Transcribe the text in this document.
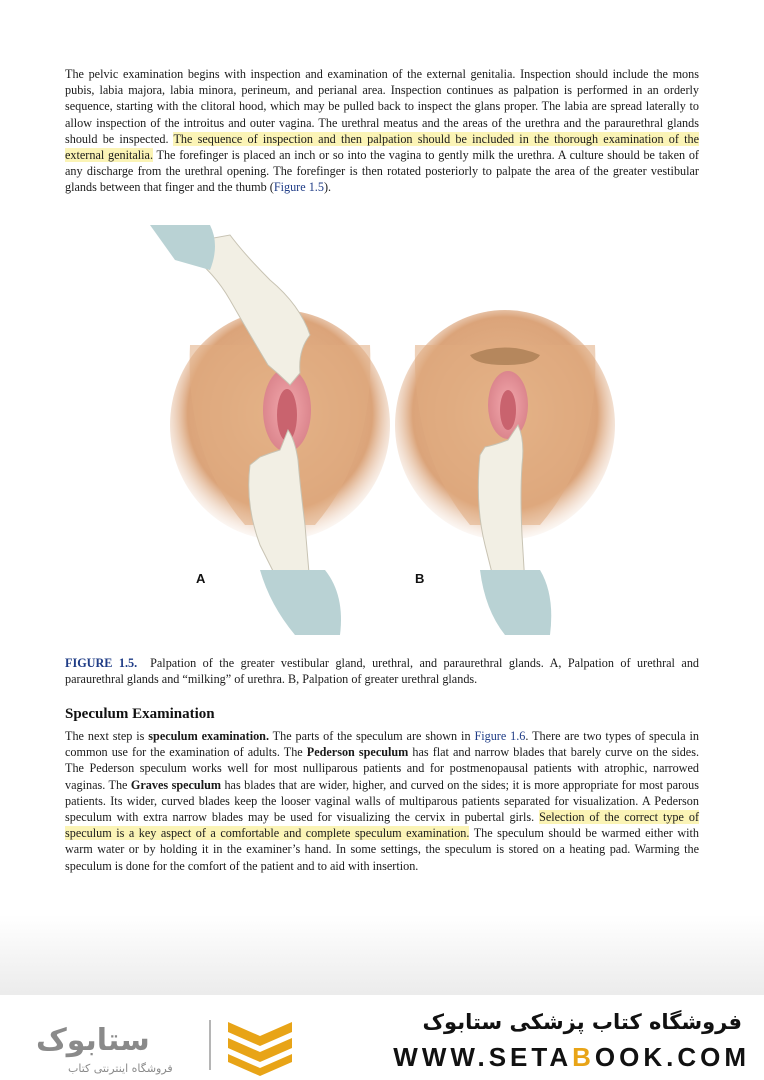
The pelvic examination begins with inspection and examination of the external genitalia. Inspection should include the mons pubis, labia majora, labia minora, perineum, and perianal area. Inspection continues as palpation is performed in an orderly sequence, starting with the clitoral hood, which may be pulled back to inspect the glans proper. The labia are spread laterally to allow inspection of the introitus and outer vagina. The urethral meatus and the areas of the urethra and the paraurethral glands should be inspected. The sequence of inspection and then palpation should be included in the thorough examination of the external genitalia. The forefinger is placed an inch or so into the vagina to gently milk the urethra. A culture should be taken of any discharge from the urethral opening. The forefinger is then rotated posteriorly to palpate the area of the greater vestibular glands between that finger and the thumb (Figure 1.5).
A	B
FIGURE 1.5.  Palpation of the greater vestibular gland, urethral, and paraurethral glands. A, Palpation of urethral and paraurethral glands and “milking” of urethra. B, Palpation of greater urethral glands.
Speculum Examination
The next step is speculum examination. The parts of the speculum are shown in Figure 1.6. There are two types of specula in common use for the examination of adults. The Pederson speculum has flat and narrow blades that barely curve on the sides. The Pederson speculum works well for most nulliparous patients and for postmenopausal patients with atrophic, narrowed vaginas. The Graves speculum has blades that are wider, higher, and curved on the sides; it is more appropriate for most parous patients. Its wider, curved blades keep the looser vaginal walls of multiparous patients separated for visualization. A Pederson speculum with extra narrow blades may be used for visualizing the cervix in pubertal girls. Selection of the correct type of speculum is a key aspect of a comfortable and complete speculum examination. The speculum should be warmed either with warm water or by holding it in the examiner’s hand. In some settings, the speculum is stored on a heating pad. Warming the speculum is done for the comfort of the patient and to aid with insertion.
ستابوک
فروشگاه اینترنتی کتاب
فروشگاه کتاب پزشکی ستابوک
WWW.SETABOOK.COM
